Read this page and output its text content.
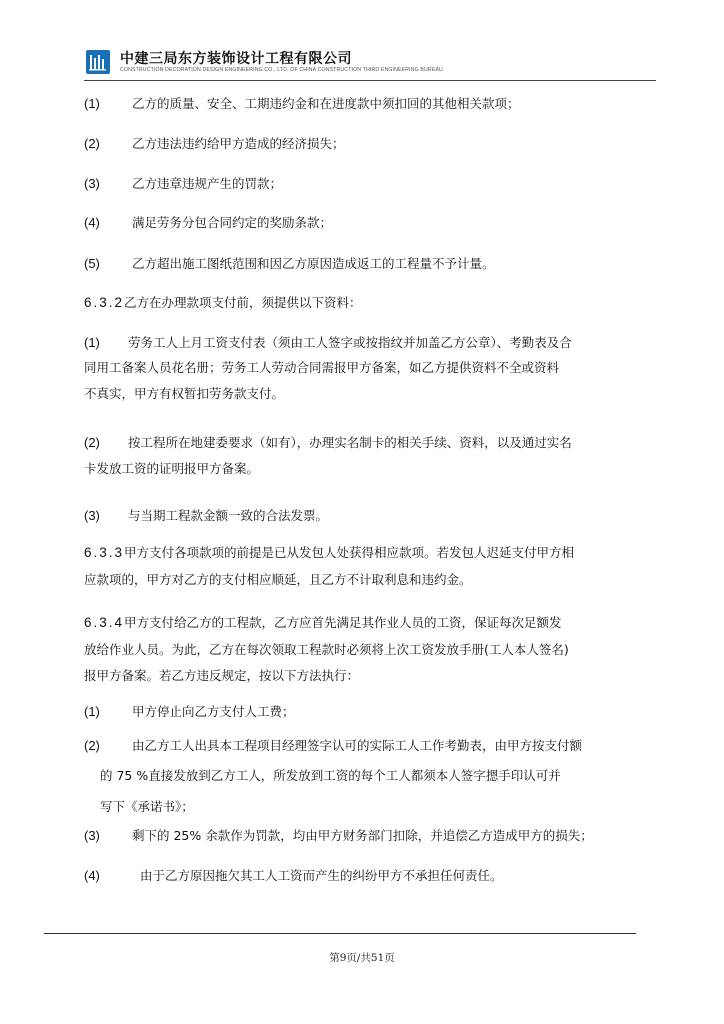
中建三局东方装饰设计工程有限公司
CONSTRUCTION DECORATION DESIGN ENGINEERING CO., LTD. OF CHINA CONSTRUCTION THIRD ENGINEERING BUREAU
(1)	乙方的质量、安全、工期违约金和在进度款中须扣回的其他相关款项；
(2)	乙方违法违约给甲方造成的经济损失；
(3)	乙方违章违规产生的罚款；
(4)	满足劳务分包合同约定的奖励条款；
(5)	乙方超出施工图纸范围和因乙方原因造成返工的工程量不予计量。
6.3.2乙方在办理款项支付前，须提供以下资料：
(1) 劳务工人上月工资支付表（须由工人签字或按指纹并加盖乙方公章）、考勤表及合
同用工备案人员花名册；劳务工人劳动合同需报甲方备案，如乙方提供资料不全或资料
不真实，甲方有权暂扣劳务款支付。
(2) 按工程所在地建委要求（如有），办理实名制卡的相关手续、资料，以及通过实名
卡发放工资的证明报甲方备案。
(3) 与当期工程款金额一致的合法发票。
6.3.3甲方支付各项款项的前提是已从发包人处获得相应款项。若发包人迟延支付甲方相
应款项的，甲方对乙方的支付相应顺延，且乙方不计取利息和违约金。
6.3.4甲方支付给乙方的工程款，乙方应首先满足其作业人员的工资，保证每次足额发
放给作业人员。为此，乙方在每次领取工程款时必须将上次工资发放手册(工人本人签名)
报甲方备案。若乙方违反规定，按以下方法执行：
(1)	甲方停止向乙方支付人工费；
(2)	由乙方工人出具本工程项目经理签字认可的实际工人工作考勤表，由甲方按支付额
的 75 %直接发放到乙方工人，所发放到工资的每个工人都须本人签字摁手印认可并
写下《承诺书》；
(3)	剩下的 25% 余款作为罚款，均由甲方财务部门扣除，并追偿乙方造成甲方的损失；
(4)	由于乙方原因拖欠其工人工资而产生的纠纷甲方不承担任何责任。
第9页/共51页
